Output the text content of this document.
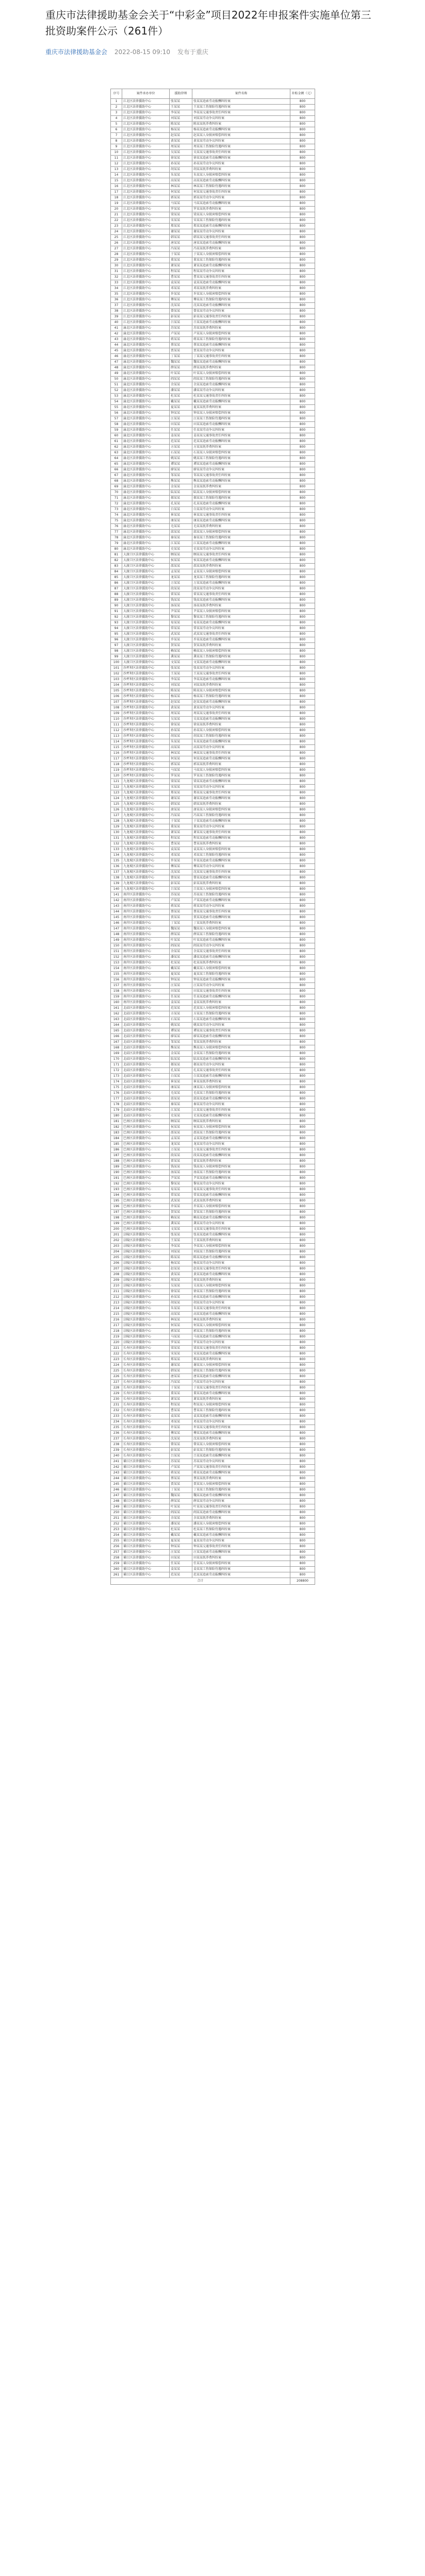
重庆市法律援助基金会关于“中彩金”项目2022年申报案件实施单位第三批资助案件公示（261件）
重庆市法律援助基金会 2022-08-15 09:10 发布于重庆
序号	案件承办单位	援助律师	案件名称	补贴金额（元）
1	江北区法律援助中心	张某某	张某某追索劳动报酬纠纷案	800
2	江北区法律援助中心	王某某	王某某工伤保险待遇纠纷案	800
3	江北区法律援助中心	李某某	李某某交通事故责任纠纷案	800
4	江北区法律援助中心	刘某某	刘某某劳动争议纠纷案	800
5	江北区法律援助中心	陈某某	陈某某抚养费纠纷案	800
6	江北区法律援助中心	杨某某	杨某某追索劳动报酬纠纷案	800
7	江北区法律援助中心	赵某某	赵某某人身损害赔偿纠纷案	800
8	江北区法律援助中心	黄某某	黄某某劳动争议纠纷案	800
9	江北区法律援助中心	周某某	周某某工伤保险待遇纠纷案	800
10	江北区法律援助中心	吴某某	吴某某交通事故责任纠纷案	800
11	江北区法律援助中心	徐某某	徐某某追索劳动报酬纠纷案	800
12	江北区法律援助中心	孙某某	孙某某劳动争议纠纷案	800
13	江北区法律援助中心	胡某某	胡某某抚养费纠纷案	800
14	江北区法律援助中心	朱某某	朱某某人身损害赔偿纠纷案	800
15	江北区法律援助中心	高某某	高某某追索劳动报酬纠纷案	800
16	江北区法律援助中心	林某某	林某某工伤保险待遇纠纷案	800
17	江北区法律援助中心	何某某	何某某交通事故责任纠纷案	800
18	江北区法律援助中心	郭某某	郭某某劳动争议纠纷案	800
19	江北区法律援助中心	马某某	马某某追索劳动报酬纠纷案	800
20	江北区法律援助中心	罗某某	罗某某抚养费纠纷案	800
21	江北区法律援助中心	梁某某	梁某某人身损害赔偿纠纷案	800
22	江北区法律援助中心	宋某某	宋某某工伤保险待遇纠纷案	800
23	江北区法律援助中心	郑某某	郑某某追索劳动报酬纠纷案	800
24	江北区法律援助中心	谢某某	谢某某劳动争议纠纷案	800
25	江北区法律援助中心	韩某某	韩某某交通事故责任纠纷案	800
26	江北区法律援助中心	唐某某	唐某某追索劳动报酬纠纷案	800
27	江北区法律援助中心	冯某某	冯某某抚养费纠纷案	800
28	江北区法律援助中心	于某某	于某某人身损害赔偿纠纷案	800
29	江北区法律援助中心	董某某	董某某工伤保险待遇纠纷案	800
30	江北区法律援助中心	萧某某	萧某某追索劳动报酬纠纷案	800
31	江北区法律援助中心	程某某	程某某劳动争议纠纷案	800
32	江北区法律援助中心	曹某某	曹某某交通事故责任纠纷案	800
33	江北区法律援助中心	袁某某	袁某某追索劳动报酬纠纷案	800
34	江北区法律援助中心	邓某某	邓某某抚养费纠纷案	800
35	江北区法律援助中心	许某某	许某某人身损害赔偿纠纷案	800
36	江北区法律援助中心	傅某某	傅某某工伤保险待遇纠纷案	800
37	江北区法律援助中心	沈某某	沈某某追索劳动报酬纠纷案	800
38	江北区法律援助中心	曾某某	曾某某劳动争议纠纷案	800
39	江北区法律援助中心	彭某某	彭某某交通事故责任纠纷案	800
40	江北区法律援助中心	吕某某	吕某某追索劳动报酬纠纷案	800
41	渝北区法律援助中心	苏某某	苏某某抚养费纠纷案	800
42	渝北区法律援助中心	卢某某	卢某某人身损害赔偿纠纷案	800
43	渝北区法律援助中心	蒋某某	蒋某某工伤保险待遇纠纷案	800
44	渝北区法律援助中心	蔡某某	蔡某某追索劳动报酬纠纷案	800
45	渝北区法律援助中心	贾某某	贾某某劳动争议纠纷案	800
46	渝北区法律援助中心	丁某某	丁某某交通事故责任纠纷案	800
47	渝北区法律援助中心	魏某某	魏某某追索劳动报酬纠纷案	800
48	渝北区法律援助中心	薛某某	薛某某抚养费纠纷案	800
49	渝北区法律援助中心	叶某某	叶某某人身损害赔偿纠纷案	800
50	渝北区法律援助中心	阎某某	阎某某工伤保险待遇纠纷案	800
51	渝北区法律援助中心	余某某	余某某追索劳动报酬纠纷案	800
52	渝北区法律援助中心	潘某某	潘某某劳动争议纠纷案	800
53	渝北区法律援助中心	杜某某	杜某某交通事故责任纠纷案	800
54	渝北区法律援助中心	戴某某	戴某某追索劳动报酬纠纷案	800
55	渝北区法律援助中心	夏某某	夏某某抚养费纠纷案	800
56	渝北区法律援助中心	钟某某	钟某某人身损害赔偿纠纷案	800
57	渝北区法律援助中心	汪某某	汪某某工伤保险待遇纠纷案	800
58	渝北区法律援助中心	田某某	田某某追索劳动报酬纠纷案	800
59	渝北区法律援助中心	任某某	任某某劳动争议纠纷案	800
60	渝北区法律援助中心	姜某某	姜某某交通事故责任纠纷案	800
61	渝北区法律援助中心	范某某	范某某追索劳动报酬纠纷案	800
62	渝北区法律援助中心	方某某	方某某抚养费纠纷案	800
63	渝北区法律援助中心	石某某	石某某人身损害赔偿纠纷案	800
64	渝北区法律援助中心	姚某某	姚某某工伤保险待遇纠纷案	800
65	渝北区法律援助中心	谭某某	谭某某追索劳动报酬纠纷案	800
66	渝北区法律援助中心	廖某某	廖某某劳动争议纠纷案	800
67	渝北区法律援助中心	邹某某	邹某某交通事故责任纠纷案	800
68	渝北区法律援助中心	熊某某	熊某某追索劳动报酬纠纷案	800
69	渝北区法律援助中心	金某某	金某某抚养费纠纷案	800
70	渝北区法律援助中心	陆某某	陆某某人身损害赔偿纠纷案	800
71	渝北区法律援助中心	郝某某	郝某某工伤保险待遇纠纷案	800
72	渝北区法律援助中心	孔某某	孔某某追索劳动报酬纠纷案	800
73	渝北区法律援助中心	白某某	白某某劳动争议纠纷案	800
74	渝北区法律援助中心	崔某某	崔某某交通事故责任纠纷案	800
75	渝北区法律援助中心	康某某	康某某追索劳动报酬纠纷案	800
76	渝北区法律援助中心	毛某某	毛某某抚养费纠纷案	800
77	渝北区法律援助中心	邱某某	邱某某人身损害赔偿纠纷案	800
78	渝北区法律援助中心	秦某某	秦某某工伤保险待遇纠纷案	800
79	渝北区法律援助中心	江某某	江某某追索劳动报酬纠纷案	800
80	渝北区法律援助中心	史某某	史某某劳动争议纠纷案	800
81	大渡口区法律援助中心	顾某某	顾某某交通事故责任纠纷案	800
82	大渡口区法律援助中心	侯某某	侯某某追索劳动报酬纠纷案	800
83	大渡口区法律援助中心	邵某某	邵某某抚养费纠纷案	800
84	大渡口区法律援助中心	孟某某	孟某某人身损害赔偿纠纷案	800
85	大渡口区法律援助中心	龙某某	龙某某工伤保险待遇纠纷案	800
86	大渡口区法律援助中心	万某某	万某某追索劳动报酬纠纷案	800
87	大渡口区法律援助中心	段某某	段某某劳动争议纠纷案	800
88	大渡口区法律援助中心	雷某某	雷某某交通事故责任纠纷案	800
89	大渡口区法律援助中心	钱某某	钱某某追索劳动报酬纠纷案	800
90	大渡口区法律援助中心	汤某某	汤某某抚养费纠纷案	800
91	大渡口区法律援助中心	尹某某	尹某某人身损害赔偿纠纷案	800
92	大渡口区法律援助中心	黎某某	黎某某工伤保险待遇纠纷案	800
93	大渡口区法律援助中心	易某某	易某某追索劳动报酬纠纷案	800
94	大渡口区法律援助中心	常某某	常某某劳动争议纠纷案	800
95	大渡口区法律援助中心	武某某	武某某交通事故责任纠纷案	800
96	大渡口区法律援助中心	乔某某	乔某某追索劳动报酬纠纷案	800
97	大渡口区法律援助中心	贺某某	贺某某抚养费纠纷案	800
98	大渡口区法律援助中心	赖某某	赖某某人身损害赔偿纠纷案	800
99	大渡口区法律援助中心	龚某某	龚某某工伤保险待遇纠纷案	800
100	大渡口区法律援助中心	文某某	文某某追索劳动报酬纠纷案	800
101	沙坪坝区法律援助中心	张某某	张某某劳动争议纠纷案	800
102	沙坪坝区法律援助中心	王某某	王某某交通事故责任纠纷案	800
103	沙坪坝区法律援助中心	李某某	李某某追索劳动报酬纠纷案	800
104	沙坪坝区法律援助中心	刘某某	刘某某抚养费纠纷案	800
105	沙坪坝区法律援助中心	陈某某	陈某某人身损害赔偿纠纷案	800
106	沙坪坝区法律援助中心	杨某某	杨某某工伤保险待遇纠纷案	800
107	沙坪坝区法律援助中心	赵某某	赵某某追索劳动报酬纠纷案	800
108	沙坪坝区法律援助中心	黄某某	黄某某劳动争议纠纷案	800
109	沙坪坝区法律援助中心	周某某	周某某交通事故责任纠纷案	800
110	沙坪坝区法律援助中心	吴某某	吴某某追索劳动报酬纠纷案	800
111	沙坪坝区法律援助中心	徐某某	徐某某抚养费纠纷案	800
112	沙坪坝区法律援助中心	孙某某	孙某某人身损害赔偿纠纷案	800
113	沙坪坝区法律援助中心	胡某某	胡某某工伤保险待遇纠纷案	800
114	沙坪坝区法律援助中心	朱某某	朱某某追索劳动报酬纠纷案	800
115	沙坪坝区法律援助中心	高某某	高某某劳动争议纠纷案	800
116	沙坪坝区法律援助中心	林某某	林某某交通事故责任纠纷案	800
117	沙坪坝区法律援助中心	何某某	何某某追索劳动报酬纠纷案	800
118	沙坪坝区法律援助中心	郭某某	郭某某抚养费纠纷案	800
119	沙坪坝区法律援助中心	马某某	马某某人身损害赔偿纠纷案	800
120	沙坪坝区法律援助中心	罗某某	罗某某工伤保险待遇纠纷案	800
121	九龙坡区法律援助中心	梁某某	梁某某追索劳动报酬纠纷案	800
122	九龙坡区法律援助中心	宋某某	宋某某劳动争议纠纷案	800
123	九龙坡区法律援助中心	郑某某	郑某某交通事故责任纠纷案	800
124	九龙坡区法律援助中心	谢某某	谢某某追索劳动报酬纠纷案	800
125	九龙坡区法律援助中心	韩某某	韩某某抚养费纠纷案	800
126	九龙坡区法律援助中心	唐某某	唐某某人身损害赔偿纠纷案	800
127	九龙坡区法律援助中心	冯某某	冯某某工伤保险待遇纠纷案	800
128	九龙坡区法律援助中心	于某某	于某某追索劳动报酬纠纷案	800
129	九龙坡区法律援助中心	董某某	董某某劳动争议纠纷案	800
130	九龙坡区法律援助中心	萧某某	萧某某交通事故责任纠纷案	800
131	九龙坡区法律援助中心	程某某	程某某追索劳动报酬纠纷案	800
132	九龙坡区法律援助中心	曹某某	曹某某抚养费纠纷案	800
133	九龙坡区法律援助中心	袁某某	袁某某人身损害赔偿纠纷案	800
134	九龙坡区法律援助中心	邓某某	邓某某工伤保险待遇纠纷案	800
135	九龙坡区法律援助中心	许某某	许某某追索劳动报酬纠纷案	800
136	九龙坡区法律援助中心	傅某某	傅某某劳动争议纠纷案	800
137	九龙坡区法律援助中心	沈某某	沈某某交通事故责任纠纷案	800
138	九龙坡区法律援助中心	曾某某	曾某某追索劳动报酬纠纷案	800
139	九龙坡区法律援助中心	彭某某	彭某某抚养费纠纷案	800
140	九龙坡区法律援助中心	吕某某	吕某某人身损害赔偿纠纷案	800
141	南岸区法律援助中心	苏某某	苏某某工伤保险待遇纠纷案	800
142	南岸区法律援助中心	卢某某	卢某某追索劳动报酬纠纷案	800
143	南岸区法律援助中心	蒋某某	蒋某某劳动争议纠纷案	800
144	南岸区法律援助中心	蔡某某	蔡某某交通事故责任纠纷案	800
145	南岸区法律援助中心	贾某某	贾某某追索劳动报酬纠纷案	800
146	南岸区法律援助中心	丁某某	丁某某抚养费纠纷案	800
147	南岸区法律援助中心	魏某某	魏某某人身损害赔偿纠纷案	800
148	南岸区法律援助中心	薛某某	薛某某工伤保险待遇纠纷案	800
149	南岸区法律援助中心	叶某某	叶某某追索劳动报酬纠纷案	800
150	南岸区法律援助中心	阎某某	阎某某劳动争议纠纷案	800
151	南岸区法律援助中心	余某某	余某某交通事故责任纠纷案	800
152	南岸区法律援助中心	潘某某	潘某某追索劳动报酬纠纷案	800
153	南岸区法律援助中心	杜某某	杜某某抚养费纠纷案	800
154	南岸区法律援助中心	戴某某	戴某某人身损害赔偿纠纷案	800
155	南岸区法律援助中心	夏某某	夏某某工伤保险待遇纠纷案	800
156	南岸区法律援助中心	钟某某	钟某某追索劳动报酬纠纷案	800
157	南岸区法律援助中心	汪某某	汪某某劳动争议纠纷案	800
158	南岸区法律援助中心	田某某	田某某交通事故责任纠纷案	800
159	南岸区法律援助中心	任某某	任某某追索劳动报酬纠纷案	800
160	南岸区法律援助中心	姜某某	姜某某抚养费纠纷案	800
161	北碚区法律援助中心	范某某	范某某人身损害赔偿纠纷案	800
162	北碚区法律援助中心	方某某	方某某工伤保险待遇纠纷案	800
163	北碚区法律援助中心	石某某	石某某追索劳动报酬纠纷案	800
164	北碚区法律援助中心	姚某某	姚某某劳动争议纠纷案	800
165	北碚区法律援助中心	谭某某	谭某某交通事故责任纠纷案	800
166	北碚区法律援助中心	廖某某	廖某某追索劳动报酬纠纷案	800
167	北碚区法律援助中心	邹某某	邹某某抚养费纠纷案	800
168	北碚区法律援助中心	熊某某	熊某某人身损害赔偿纠纷案	800
169	北碚区法律援助中心	金某某	金某某工伤保险待遇纠纷案	800
170	北碚区法律援助中心	陆某某	陆某某追索劳动报酬纠纷案	800
171	北碚区法律援助中心	郝某某	郝某某劳动争议纠纷案	800
172	北碚区法律援助中心	孔某某	孔某某交通事故责任纠纷案	800
173	北碚区法律援助中心	白某某	白某某追索劳动报酬纠纷案	800
174	北碚区法律援助中心	崔某某	崔某某抚养费纠纷案	800
175	北碚区法律援助中心	康某某	康某某人身损害赔偿纠纷案	800
176	北碚区法律援助中心	毛某某	毛某某工伤保险待遇纠纷案	800
177	北碚区法律援助中心	邱某某	邱某某追索劳动报酬纠纷案	800
178	北碚区法律援助中心	秦某某	秦某某劳动争议纠纷案	800
179	北碚区法律援助中心	江某某	江某某交通事故责任纠纷案	800
180	北碚区法律援助中心	史某某	史某某追索劳动报酬纠纷案	800
181	巴南区法律援助中心	顾某某	顾某某抚养费纠纷案	800
182	巴南区法律援助中心	侯某某	侯某某人身损害赔偿纠纷案	800
183	巴南区法律援助中心	邵某某	邵某某工伤保险待遇纠纷案	800
184	巴南区法律援助中心	孟某某	孟某某追索劳动报酬纠纷案	800
185	巴南区法律援助中心	龙某某	龙某某劳动争议纠纷案	800
186	巴南区法律援助中心	万某某	万某某交通事故责任纠纷案	800
187	巴南区法律援助中心	段某某	段某某追索劳动报酬纠纷案	800
188	巴南区法律援助中心	雷某某	雷某某抚养费纠纷案	800
189	巴南区法律援助中心	钱某某	钱某某人身损害赔偿纠纷案	800
190	巴南区法律援助中心	汤某某	汤某某工伤保险待遇纠纷案	800
191	巴南区法律援助中心	尹某某	尹某某追索劳动报酬纠纷案	800
192	巴南区法律援助中心	黎某某	黎某某劳动争议纠纷案	800
193	巴南区法律援助中心	易某某	易某某交通事故责任纠纷案	800
194	巴南区法律援助中心	常某某	常某某追索劳动报酬纠纷案	800
195	巴南区法律援助中心	武某某	武某某抚养费纠纷案	800
196	巴南区法律援助中心	乔某某	乔某某人身损害赔偿纠纷案	800
197	巴南区法律援助中心	贺某某	贺某某工伤保险待遇纠纷案	800
198	巴南区法律援助中心	赖某某	赖某某追索劳动报酬纠纷案	800
199	巴南区法律援助中心	龚某某	龚某某劳动争议纠纷案	800
200	巴南区法律援助中心	文某某	文某某交通事故责任纠纷案	800
201	涪陵区法律援助中心	张某某	张某某追索劳动报酬纠纷案	800
202	涪陵区法律援助中心	王某某	王某某抚养费纠纷案	800
203	涪陵区法律援助中心	李某某	李某某人身损害赔偿纠纷案	800
204	涪陵区法律援助中心	刘某某	刘某某工伤保险待遇纠纷案	800
205	涪陵区法律援助中心	陈某某	陈某某追索劳动报酬纠纷案	800
206	涪陵区法律援助中心	杨某某	杨某某劳动争议纠纷案	800
207	涪陵区法律援助中心	赵某某	赵某某交通事故责任纠纷案	800
208	涪陵区法律援助中心	黄某某	黄某某追索劳动报酬纠纷案	800
209	涪陵区法律援助中心	周某某	周某某抚养费纠纷案	800
210	涪陵区法律援助中心	吴某某	吴某某人身损害赔偿纠纷案	800
211	涪陵区法律援助中心	徐某某	徐某某工伤保险待遇纠纷案	800
212	涪陵区法律援助中心	孙某某	孙某某追索劳动报酬纠纷案	800
213	涪陵区法律援助中心	胡某某	胡某某劳动争议纠纷案	800
214	涪陵区法律援助中心	朱某某	朱某某交通事故责任纠纷案	800
215	涪陵区法律援助中心	高某某	高某某追索劳动报酬纠纷案	800
216	涪陵区法律援助中心	林某某	林某某抚养费纠纷案	800
217	涪陵区法律援助中心	何某某	何某某人身损害赔偿纠纷案	800
218	涪陵区法律援助中心	郭某某	郭某某工伤保险待遇纠纷案	800
219	涪陵区法律援助中心	马某某	马某某追索劳动报酬纠纷案	800
220	涪陵区法律援助中心	罗某某	罗某某劳动争议纠纷案	800
221	长寿区法律援助中心	梁某某	梁某某交通事故责任纠纷案	800
222	长寿区法律援助中心	宋某某	宋某某追索劳动报酬纠纷案	800
223	长寿区法律援助中心	郑某某	郑某某抚养费纠纷案	800
224	长寿区法律援助中心	谢某某	谢某某人身损害赔偿纠纷案	800
225	长寿区法律援助中心	韩某某	韩某某工伤保险待遇纠纷案	800
226	长寿区法律援助中心	唐某某	唐某某追索劳动报酬纠纷案	800
227	长寿区法律援助中心	冯某某	冯某某劳动争议纠纷案	800
228	长寿区法律援助中心	于某某	于某某交通事故责任纠纷案	800
229	长寿区法律援助中心	董某某	董某某追索劳动报酬纠纷案	800
230	长寿区法律援助中心	萧某某	萧某某抚养费纠纷案	800
231	长寿区法律援助中心	程某某	程某某人身损害赔偿纠纷案	800
232	长寿区法律援助中心	曹某某	曹某某工伤保险待遇纠纷案	800
233	长寿区法律援助中心	袁某某	袁某某追索劳动报酬纠纷案	800
234	长寿区法律援助中心	邓某某	邓某某劳动争议纠纷案	800
235	长寿区法律援助中心	许某某	许某某交通事故责任纠纷案	800
236	长寿区法律援助中心	傅某某	傅某某追索劳动报酬纠纷案	800
237	长寿区法律援助中心	沈某某	沈某某抚养费纠纷案	800
238	长寿区法律援助中心	曾某某	曾某某人身损害赔偿纠纷案	800
239	长寿区法律援助中心	彭某某	彭某某工伤保险待遇纠纷案	800
240	长寿区法律援助中心	吕某某	吕某某追索劳动报酬纠纷案	800
241	綦江区法律援助中心	苏某某	苏某某劳动争议纠纷案	800
242	綦江区法律援助中心	卢某某	卢某某交通事故责任纠纷案	800
243	綦江区法律援助中心	蒋某某	蒋某某追索劳动报酬纠纷案	800
244	綦江区法律援助中心	蔡某某	蔡某某抚养费纠纷案	800
245	綦江区法律援助中心	贾某某	贾某某人身损害赔偿纠纷案	800
246	綦江区法律援助中心	丁某某	丁某某工伤保险待遇纠纷案	800
247	綦江区法律援助中心	魏某某	魏某某追索劳动报酬纠纷案	800
248	綦江区法律援助中心	薛某某	薛某某劳动争议纠纷案	800
249	綦江区法律援助中心	叶某某	叶某某交通事故责任纠纷案	800
250	綦江区法律援助中心	阎某某	阎某某追索劳动报酬纠纷案	800
251	綦江区法律援助中心	余某某	余某某抚养费纠纷案	800
252	綦江区法律援助中心	潘某某	潘某某人身损害赔偿纠纷案	800
253	綦江区法律援助中心	杜某某	杜某某工伤保险待遇纠纷案	800
254	綦江区法律援助中心	戴某某	戴某某追索劳动报酬纠纷案	800
255	綦江区法律援助中心	夏某某	夏某某劳动争议纠纷案	800
256	綦江区法律援助中心	钟某某	钟某某交通事故责任纠纷案	800
257	綦江区法律援助中心	汪某某	汪某某追索劳动报酬纠纷案	800
258	綦江区法律援助中心	田某某	田某某抚养费纠纷案	800
259	綦江区法律援助中心	任某某	任某某人身损害赔偿纠纷案	800
260	綦江区法律援助中心	姜某某	姜某某工伤保险待遇纠纷案	800
261	綦江区法律援助中心	范某某	范某某追索劳动报酬纠纷案	800
合计				208800
